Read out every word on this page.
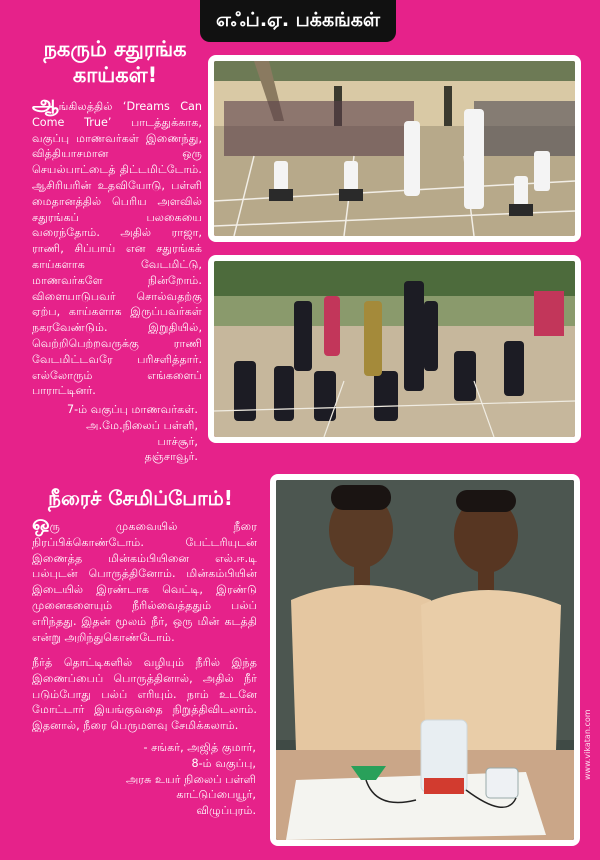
எஃப்.ஏ. பக்கங்கள்
நகரும் சதுரங்க காய்கள்!
ஆங்கிலத்தில் ‘Dreams Can Come True’ பாடத்துக்காக, வகுப்பு மாணவர்கள் இணைந்து, வித்தியாசமான ஒரு செயல்பாட்டைத் திட்டமிட்டோம். ஆசிரியரின் உதவியோடு, பள்ளி மைதானத்தில் பெரிய அளவில் சதுரங்கப் பலகையை வரைந்தோம். அதில் ராஜா, ராணி, சிப்பாய் என சதுரங்கக் காய்களாக வேடமிட்டு, மாணவர்களே நின்றோம். விளையாடுபவர் சொல்வதற்கு ஏற்ப, காய்களாக இருப்பவர்கள் நகரவேண்டும். இறுதியில், வெற்றிபெற்றவருக்கு ராணி வேடமிட்டவரே பரிசளித்தார். எல்லோரும் எங்களைப் பாராட்டினர்.
7-ம் வகுப்பு மாணவர்கள்.
அ.மே.நிலைப் பள்ளி, பாச்சூர்,
தஞ்சாவூர்.
நீரைச் சேமிப்போம்!
ஒரு முகவையில் நீரை நிரப்பிக்கொண்டோம். பேட்டரியுடன் இணைத்த மின்கம்பியினை எல்.ஈ.டி பல்புடன் பொருத்தினோம். மின்கம்பியின் இடையில் இரண்டாக வெட்டி, இரண்டு முனைகளையும் நீரில்வைத்ததும் பல்ப் எரிந்தது. இதன் மூலம் நீர், ஒரு மின் கடத்தி என்று அறிந்துகொண்டோம்.
நீர்த் தொட்டிகளில் வழியும் நீரில் இந்த இணைப்பைப் பொருத்தினால், அதில் நீர் படும்போது பல்ப் எரியும். நாம் உடனே மோட்டார் இயங்குவதை நிறுத்திவிடலாம். இதனால், நீரை பெருமளவு சேமிக்கலாம்.
- சங்கர், அஜித் குமார்,
8-ம் வகுப்பு,
அரசு உயர் நிலைப் பள்ளி
காட்டுப்பையூர்,
விழுப்புரம்.
www.vikatan.com
